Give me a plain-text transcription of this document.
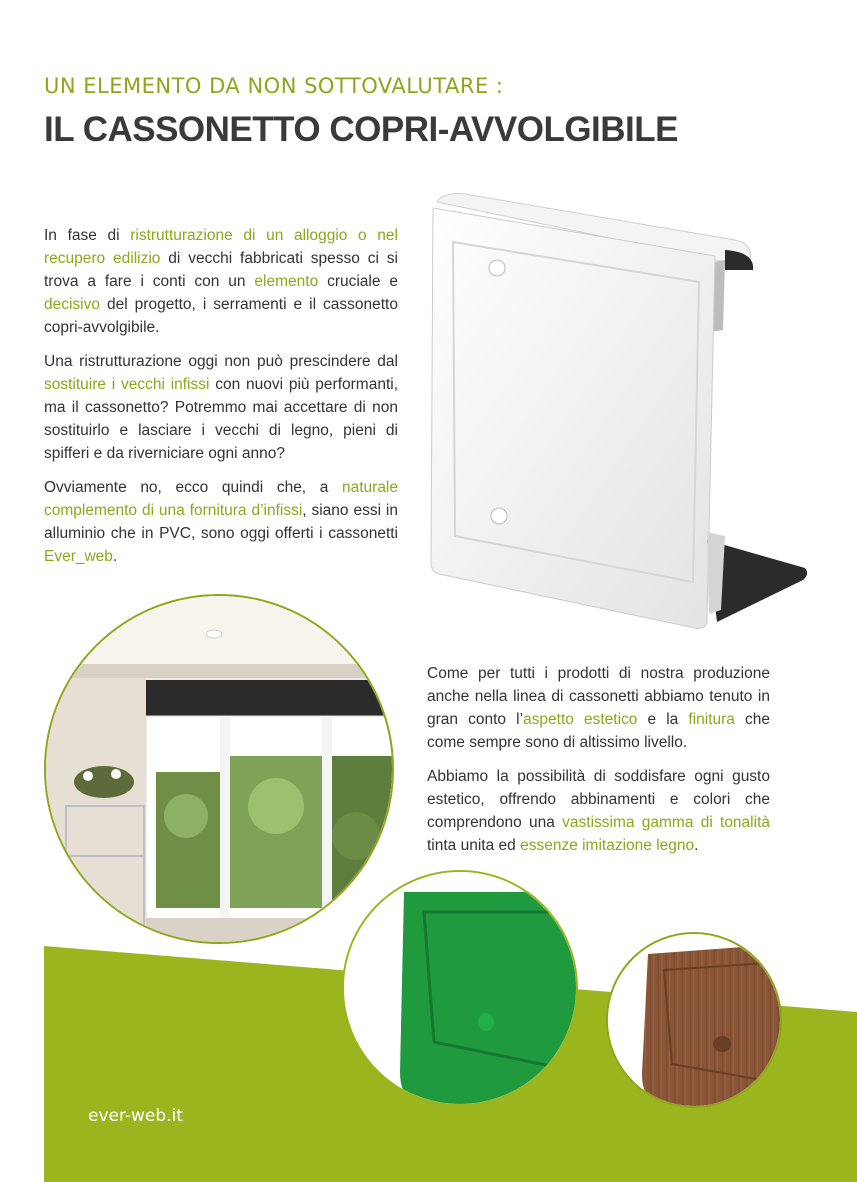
UN ELEMENTO DA NON SOTTOVALUTARE :
IL CASSONETTO COPRI-AVVOLGIBILE

In fase di ristrutturazione di un alloggio o nel recupero edilizio di vecchi fabbricati spesso ci si trova a fare i conti con un elemento cruciale e decisivo del progetto, i serramenti e il cassonetto copri-avvolgibile.

Una ristrutturazione oggi non può prescindere dal sostituire i vecchi infissi con nuovi più performanti, ma il cassonetto? Potremmo mai accettare di non sostituirlo e lasciare i vecchi di legno, pieni di spifferi e da riverniciare ogni anno?

Ovviamente no, ecco quindi che, a naturale complemento di una fornitura d’infissi, siano essi in alluminio che in PVC, sono oggi offerti i cassonetti Ever_web.

Come per tutti i prodotti di nostra produzione anche nella linea di cassonetti abbiamo tenuto in gran conto l’aspetto estetico e la finitura che come sempre sono di altissimo livello.

Abbiamo la possibilità di soddisfare ogni gusto estetico, offrendo abbinamenti e colori che comprendono una vastissima gamma di tonalità tinta unita ed essenze imitazione legno.

ever-web.it
